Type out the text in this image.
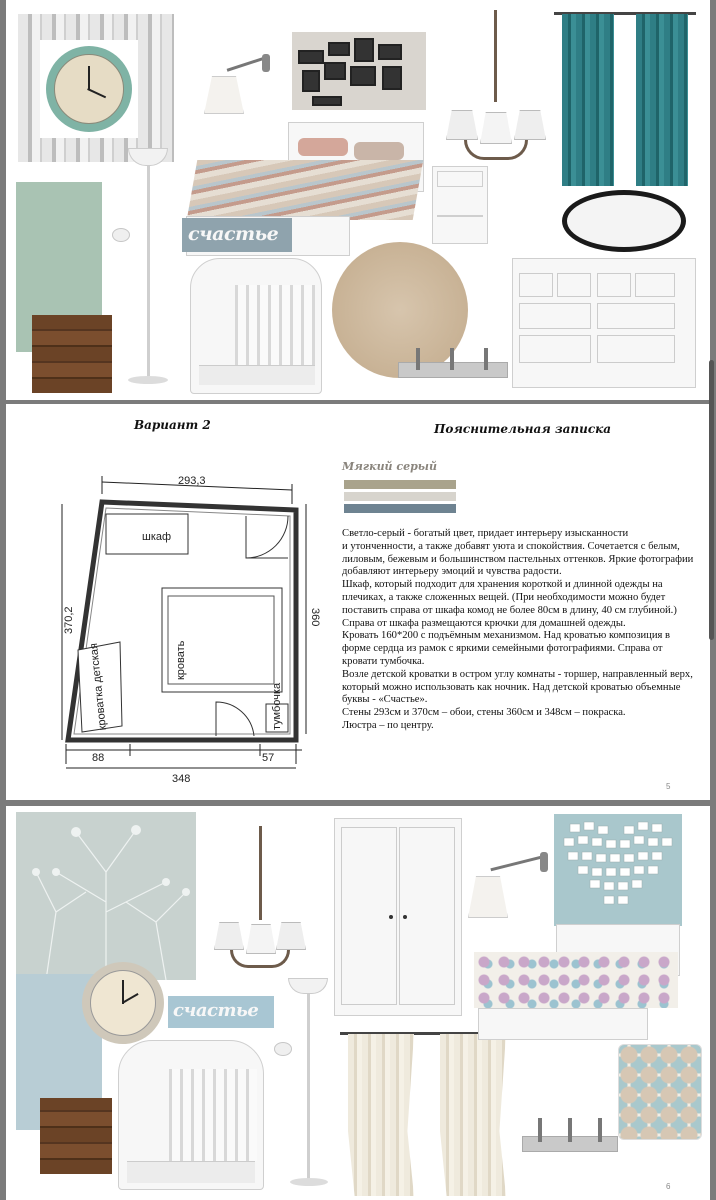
счастье
Вариант 2	Пояснительная записка
293,3
370,2	360
88	57
348
шкаф
кровать
кроватка детская	тумбочка
Мягкий серый

Светло-серый - богатый цвет, придает интерьеру изысканности

и утонченности, а также добавят уюта и спокойствия. Сочетается с белым,

лиловым, бежевым и большинством пастельных оттенков. Яркие фотографии

добавляют интерьеру эмоций и чувства радости.

Шкаф, который подходит для хранения короткой и длинной одежды на

плечиках, а также сложенных вещей. (При необходимости можно будет

поставить справа от шкафа комод не более 80см в длину, 40 см глубиной.)

Справа от шкафа размещаются крючки для домашней одежды.

Кровать 160*200 с подъёмным механизмом. Над кроватью композиция в

форме сердца из рамок с яркими семейными фотографиями. Справа от

кровати тумбочка.

Возле детской кроватки в остром углу комнаты - торшер, направленный верх,

который можно использовать как ночник. Над детской кроватью объемные

буквы - «Счастье».

Стены 293см и 370см – обои, стены 360см и 348см – покраска.

Люстра – по центру.

5
счастье
6
